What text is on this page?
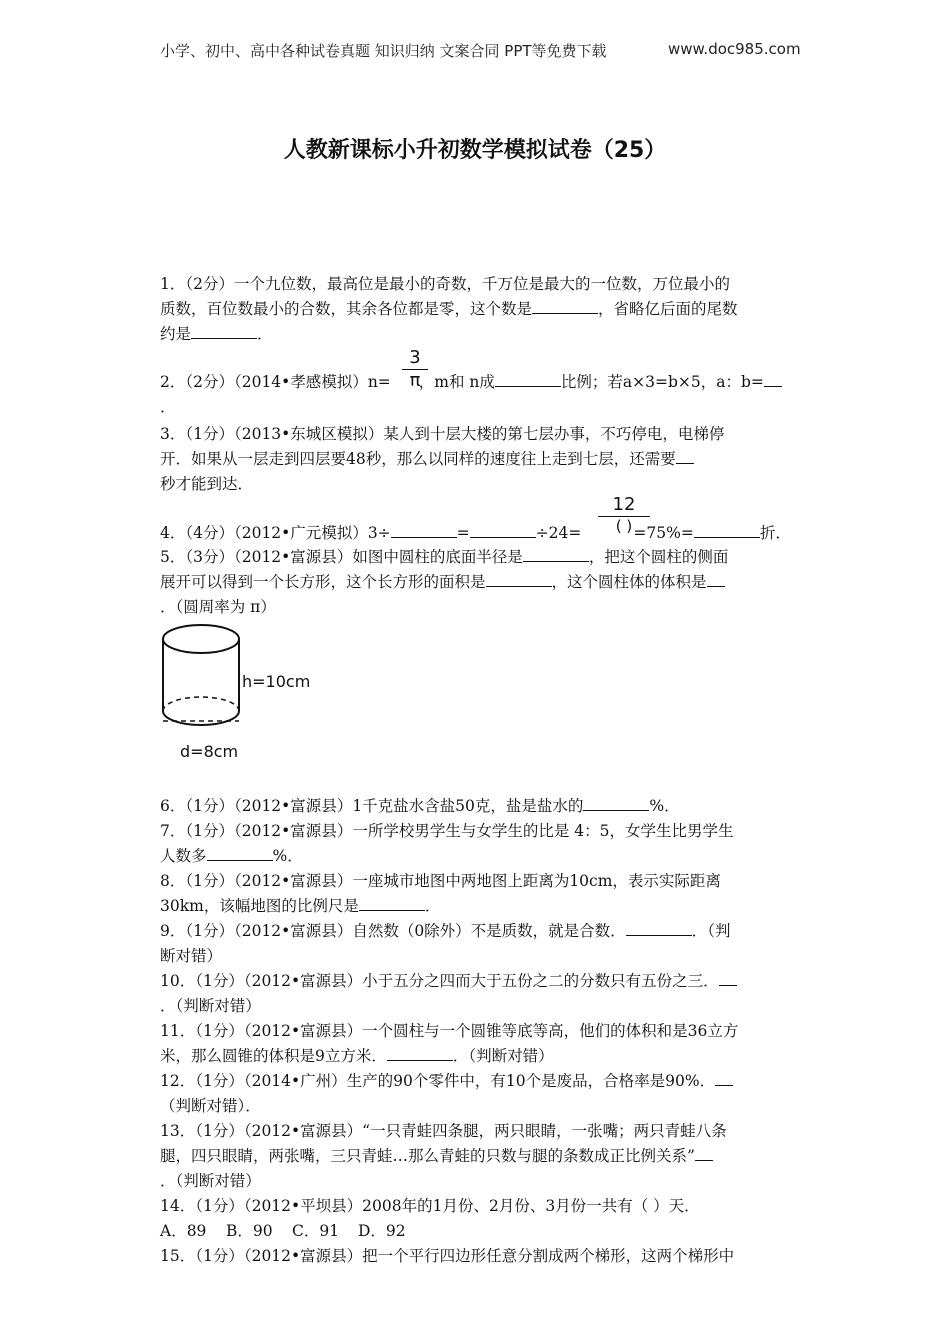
小学、初中、高中各种试卷真题 知识归纳 文案合同 PPT等免费下载	www.doc985.com
人教新课标小升初数学模拟试卷（25）
1．（2分）一个九位数，最高位是最小的奇数，千万位是最大的一位数，万位最小的
质数，百位数最小的合数，其余各位都是零，这个数是	，省略亿后面的尾数
约是	．
3
π
2．（2分）（2014•孝感模拟）n= ，m和 n成	比例；若a×3=b×5，a：b=
．
3．（1分）（2013•东城区模拟）某人到十层大楼的第七层办事，不巧停电，电梯停
开．如果从一层走到四层要48秒，那么以同样的速度往上走到七层，还需要
秒才能到达．
12
( )
4．（4分）（2012•广元模拟）3÷	=	÷24=	=75%=	折．
5．（3分）（2012•富源县）如图中圆柱的底面半径是	，把这个圆柱的侧面
展开可以得到一个长方形，这个长方形的面积是	，这个圆柱体的体积是
．（圆周率为 π）
h=10cm
d=8cm
6．（1分）（2012•富源县）1千克盐水含盐50克，盐是盐水的	%．
7．（1分）（2012•富源县）一所学校男学生与女学生的比是 4：5，女学生比男学生
人数多	%．
8．（1分）（2012•富源县）一座城市地图中两地图上距离为10cm，表示实际距离
30km，该幅地图的比例尺是	．
9．（1分）（2012•富源县）自然数（0除外）不是质数，就是合数．	．（判
断对错）
10．（1分）（2012•富源县）小于五分之四而大于五份之二的分数只有五份之三．
．（判断对错）
11．（1分）（2012•富源县）一个圆柱与一个圆锥等底等高，他们的体积和是36立方
米，那么圆锥的体积是9立方米．	．（判断对错）
12．（1分）（2014•广州）生产的90个零件中，有10个是废品，合格率是90%．
（判断对错）．
13．（1分）（2012•富源县）“一只青蛙四条腿，两只眼睛，一张嘴；两只青蛙八条
腿，四只眼睛，两张嘴，三只青蛙…那么青蛙的只数与腿的条数成正比例关系”
．（判断对错）
14．（1分）（2012•平坝县）2008年的1月份、2月份、3月份一共有（ ）天．
A．89 B．90 C．91 D．92
15．（1分）（2012•富源县）把一个平行四边形任意分割成两个梯形，这两个梯形中
